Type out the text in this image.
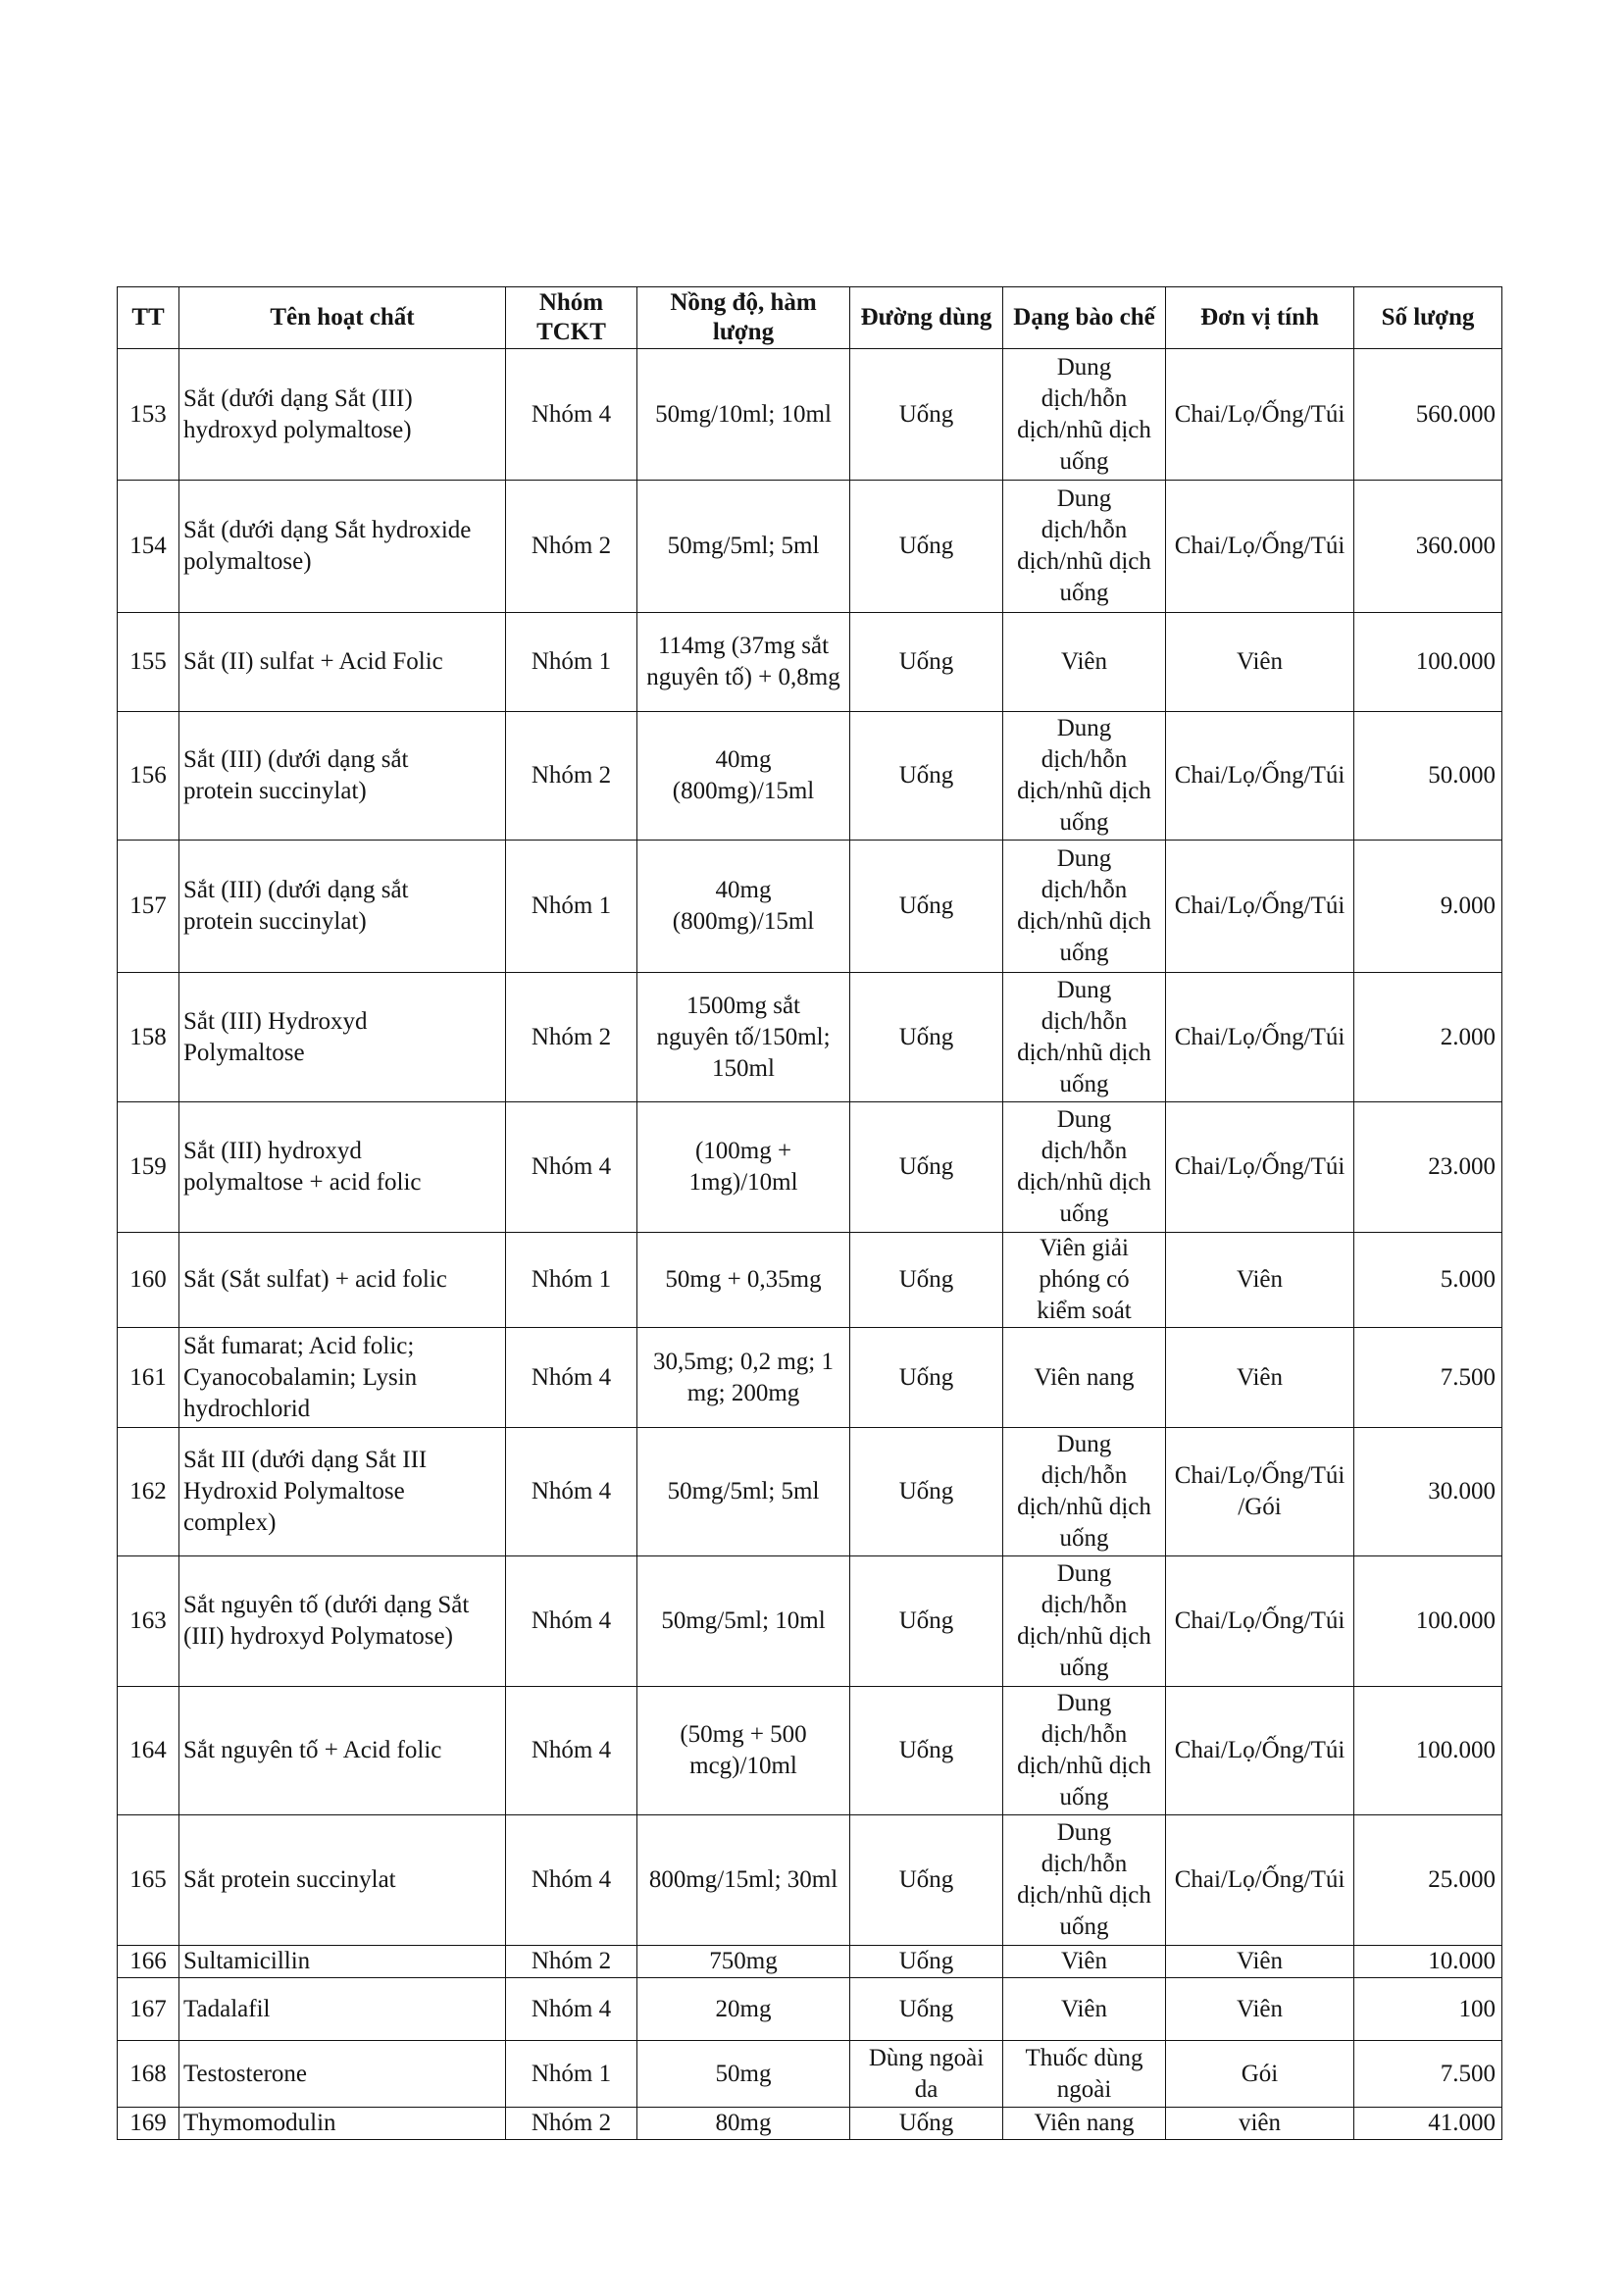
TT	Tên hoạt chất	Nhóm
TCKT	Nồng độ, hàm
lượng	Đường dùng	Dạng bào chế	Đơn vị tính	Số lượng
153	Sắt (dưới dạng Sắt (III)
hydroxyd polymaltose)	Nhóm 4	50mg/10ml; 10ml	Uống	Dung
dịch/hỗn
dịch/nhũ dịch
uống	Chai/Lọ/Ống/Túi	560.000
154	Sắt (dưới dạng Sắt hydroxide
polymaltose)	Nhóm 2	50mg/5ml; 5ml	Uống	Dung
dịch/hỗn
dịch/nhũ dịch
uống	Chai/Lọ/Ống/Túi	360.000
155	Sắt (II) sulfat + Acid Folic	Nhóm 1	114mg (37mg sắt
nguyên tố) + 0,8mg	Uống	Viên	Viên	100.000
156	Sắt (III) (dưới dạng sắt
protein succinylat)	Nhóm 2	40mg
(800mg)/15ml	Uống	Dung
dịch/hỗn
dịch/nhũ dịch
uống	Chai/Lọ/Ống/Túi	50.000
157	Sắt (III) (dưới dạng sắt
protein succinylat)	Nhóm 1	40mg
(800mg)/15ml	Uống	Dung
dịch/hỗn
dịch/nhũ dịch
uống	Chai/Lọ/Ống/Túi	9.000
158	Sắt (III) Hydroxyd
Polymaltose	Nhóm 2	1500mg sắt
nguyên tố/150ml;
150ml	Uống	Dung
dịch/hỗn
dịch/nhũ dịch
uống	Chai/Lọ/Ống/Túi	2.000
159	Sắt (III) hydroxyd
polymaltose + acid folic	Nhóm 4	(100mg +
1mg)/10ml	Uống	Dung
dịch/hỗn
dịch/nhũ dịch
uống	Chai/Lọ/Ống/Túi	23.000
160	Sắt (Sắt sulfat) + acid folic	Nhóm 1	50mg + 0,35mg	Uống	Viên giải
phóng có
kiểm soát	Viên	5.000
161	Sắt fumarat; Acid folic;
Cyanocobalamin; Lysin
hydrochlorid	Nhóm 4	30,5mg; 0,2 mg; 1
mg; 200mg	Uống	Viên nang	Viên	7.500
162	Sắt III (dưới dạng Sắt III
Hydroxid Polymaltose
complex)	Nhóm 4	50mg/5ml; 5ml	Uống	Dung
dịch/hỗn
dịch/nhũ dịch
uống	Chai/Lọ/Ống/Túi
/Gói	30.000
163	Sắt nguyên tố (dưới dạng Sắt
(III) hydroxyd Polymatose)	Nhóm 4	50mg/5ml; 10ml	Uống	Dung
dịch/hỗn
dịch/nhũ dịch
uống	Chai/Lọ/Ống/Túi	100.000
164	Sắt nguyên tố + Acid folic	Nhóm 4	(50mg + 500
mcg)/10ml	Uống	Dung
dịch/hỗn
dịch/nhũ dịch
uống	Chai/Lọ/Ống/Túi	100.000
165	Sắt protein succinylat	Nhóm 4	800mg/15ml; 30ml	Uống	Dung
dịch/hỗn
dịch/nhũ dịch
uống	Chai/Lọ/Ống/Túi	25.000
166	Sultamicillin	Nhóm 2	750mg	Uống	Viên	Viên	10.000
167	Tadalafil	Nhóm 4	20mg	Uống	Viên	Viên	100
168	Testosterone	Nhóm 1	50mg	Dùng ngoài
da	Thuốc dùng
ngoài	Gói	7.500
169	Thymomodulin	Nhóm 2	80mg	Uống	Viên nang	viên	41.000
